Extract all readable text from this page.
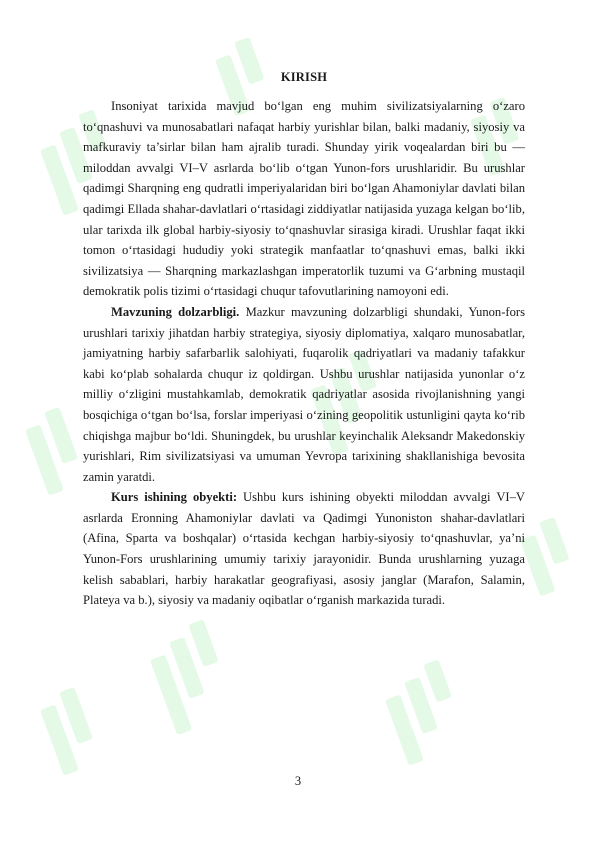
KIRISH

Insoniyat tarixida mavjud bo‘lgan eng muhim sivilizatsiyalarning o‘zaro to‘qnashuvi va munosabatlari nafaqat harbiy yurishlar bilan, balki madaniy, siyosiy va mafkuraviy ta’sirlar bilan ham ajralib turadi. Shunday yirik voqealardan biri bu — miloddan avvalgi VI–V asrlarda bo‘lib o‘tgan Yunon-fors urushlaridir. Bu urushlar qadimgi Sharqning eng qudratli imperiyalaridan biri bo‘lgan Ahamoniylar davlati bilan qadimgi Ellada shahar-davlatlari o‘rtasidagi ziddiyatlar natijasida yuzaga kelgan bo‘lib, ular tarixda ilk global harbiy-siyosiy to‘qnashuvlar sirasiga kiradi. Urushlar faqat ikki tomon o‘rtasidagi hududiy yoki strategik manfaatlar to‘qnashuvi emas, balki ikki sivilizatsiya — Sharqning markazlashgan imperatorlik tuzumi va G‘arbning mustaqil demokratik polis tizimi o‘rtasidagi chuqur tafovutlarining namoyoni edi.

Mavzuning dolzarbligi. Mazkur mavzuning dolzarbligi shundaki, Yunon-fors urushlari tarixiy jihatdan harbiy strategiya, siyosiy diplomatiya, xalqaro munosabatlar, jamiyatning harbiy safarbarlik salohiyati, fuqarolik qadriyatlari va madaniy tafakkur kabi ko‘plab sohalarda chuqur iz qoldirgan. Ushbu urushlar natijasida yunonlar o‘z milliy o‘zligini mustahkamlab, demokratik qadriyatlar asosida rivojlanishning yangi bosqichiga o‘tgan bo‘lsa, forslar imperiyasi o‘zining geopolitik ustunligini qayta ko‘rib chiqishga majbur bo‘ldi. Shuningdek, bu urushlar keyinchalik Aleksandr Makedonskiy yurishlari, Rim sivilizatsiyasi va umuman Yevropa tarixining shakllanishiga bevosita zamin yaratdi.

Kurs ishining obyekti: Ushbu kurs ishining obyekti miloddan avvalgi VI–V asrlarda Eronning Ahamoniylar davlati va Qadimgi Yunoniston shahar-davlatlari (Afina, Sparta va boshqalar) o‘rtasida kechgan harbiy-siyosiy to‘qnashuvlar, ya’ni Yunon-Fors urushlarining umumiy tarixiy jarayonidir. Bunda urushlarning yuzaga kelish sabablari, harbiy harakatlar geografiyasi, asosiy janglar (Marafon, Salamin, Plateya va b.), siyosiy va madaniy oqibatlar o‘rganish markazida turadi.

3
